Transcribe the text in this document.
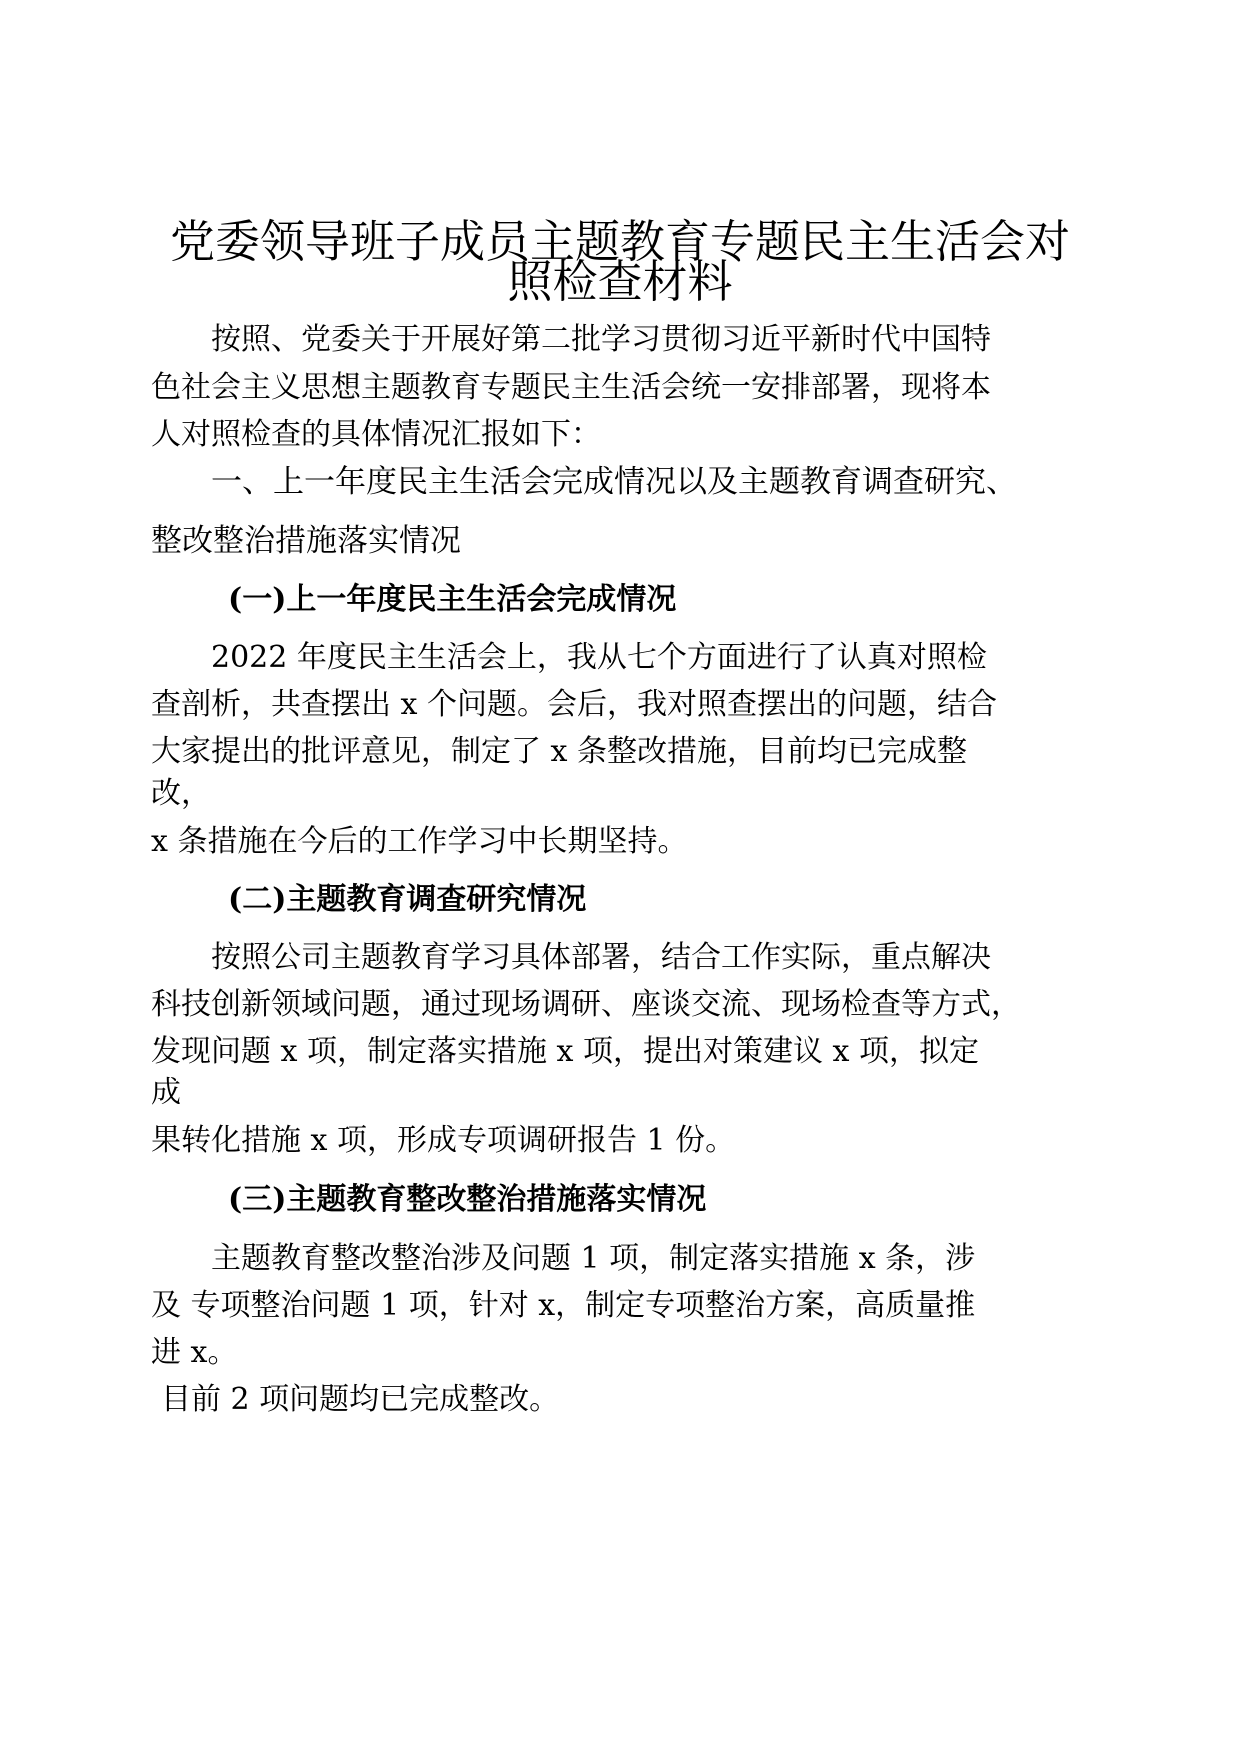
党委领导班子成员主题教育专题民主生活会对
照检查材料
按照、党委关于开展好第二批学习贯彻习近平新时代中国特
色社会主义思想主题教育专题民主生活会统一安排部署，现将本
人对照检查的具体情况汇报如下：
一、上一年度民主生活会完成情况以及主题教育调查研究、
整改整治措施落实情况
(一)上一年度民主生活会完成情况
2022 年度民主生活会上，我从七个方面进行了认真对照检
查剖析，共查摆出 x 个问题。会后，我对照查摆出的问题，结合
大家提出的批评意见，制定了 x 条整改措施，目前均已完成整
改，
x 条措施在今后的工作学习中长期坚持。
(二)主题教育调查研究情况
按照公司主题教育学习具体部署，结合工作实际，重点解决
科技创新领域问题，通过现场调研、座谈交流、现场检查等方式，
发现问题 x 项，制定落实措施 x 项，提出对策建议 x 项，拟定
成
果转化措施 x 项，形成专项调研报告 1 份。
(三)主题教育整改整治措施落实情况
主题教育整改整治涉及问题 1 项，制定落实措施 x 条，涉
及 专项整治问题 1 项，针对 x，制定专项整治方案，高质量推
进 x。
目前 2 项问题均已完成整改。
